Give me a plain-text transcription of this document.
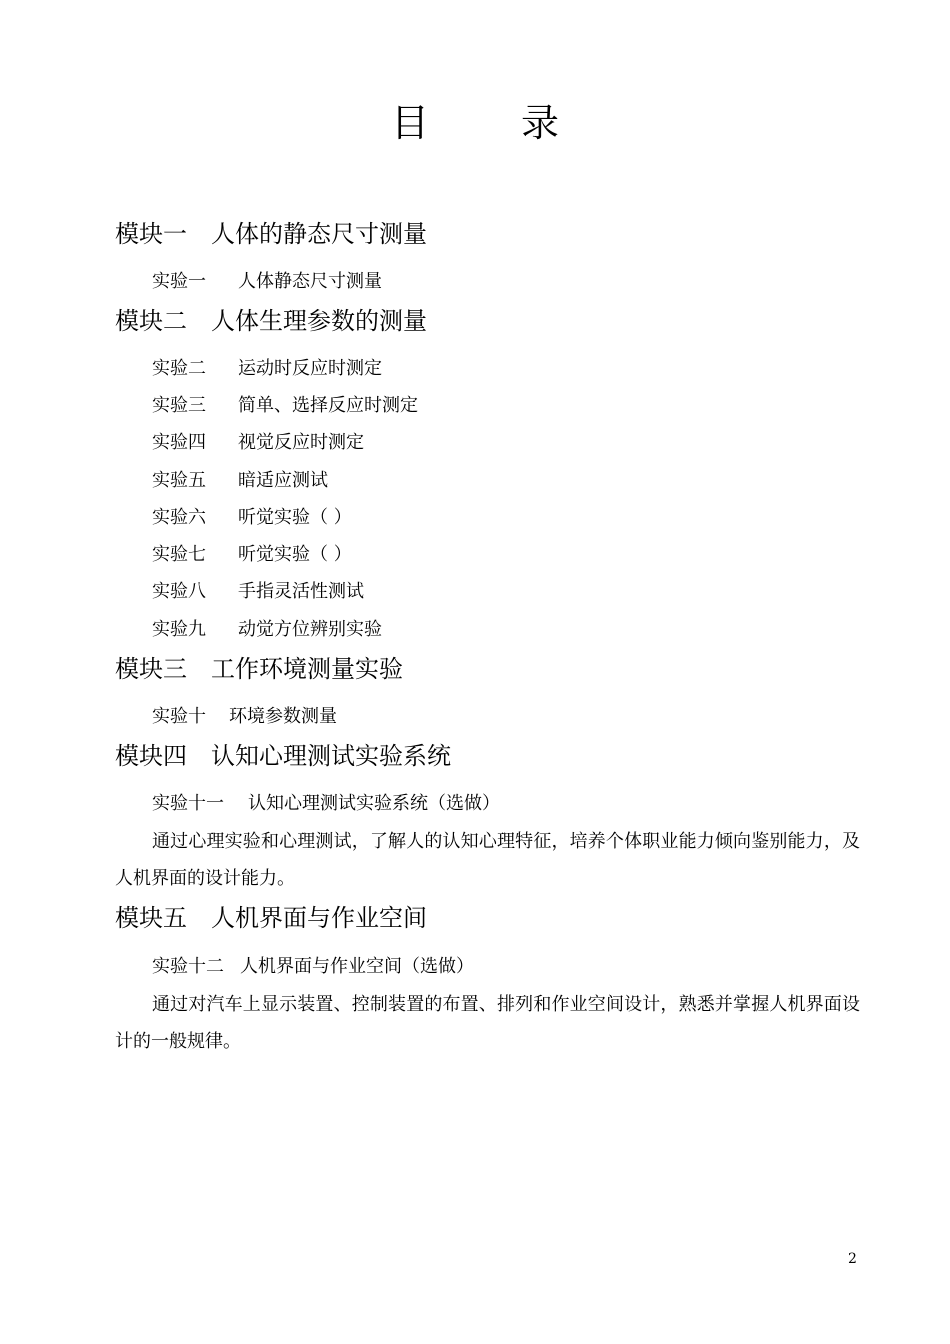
目 录
模块一 人体的静态尺寸测量
实验一 人体静态尺寸测量
模块二 人体生理参数的测量
实验二 运动时反应时测定
实验三 简单、选择反应时测定
实验四 视觉反应时测定
实验五 暗适应测试
实验六 听觉实验（ ）
实验七 听觉实验（ ）
实验八 手指灵活性测试
实验九 动觉方位辨别实验
模块三 工作环境测量实验
实验十 环境参数测量
模块四 认知心理测试实验系统
实验十一 认知心理测试实验系统（选做）

通过心理实验和心理测试，了解人的认知心理特征，培养个体职业能力倾向鉴别能力，及人机界面的设计能力。

模块五 人机界面与作业空间
实验十二 人机界面与作业空间（选做）

通过对汽车上显示装置、控制装置的布置、排列和作业空间设计，熟悉并掌握人机界面设计的一般规律。

2
